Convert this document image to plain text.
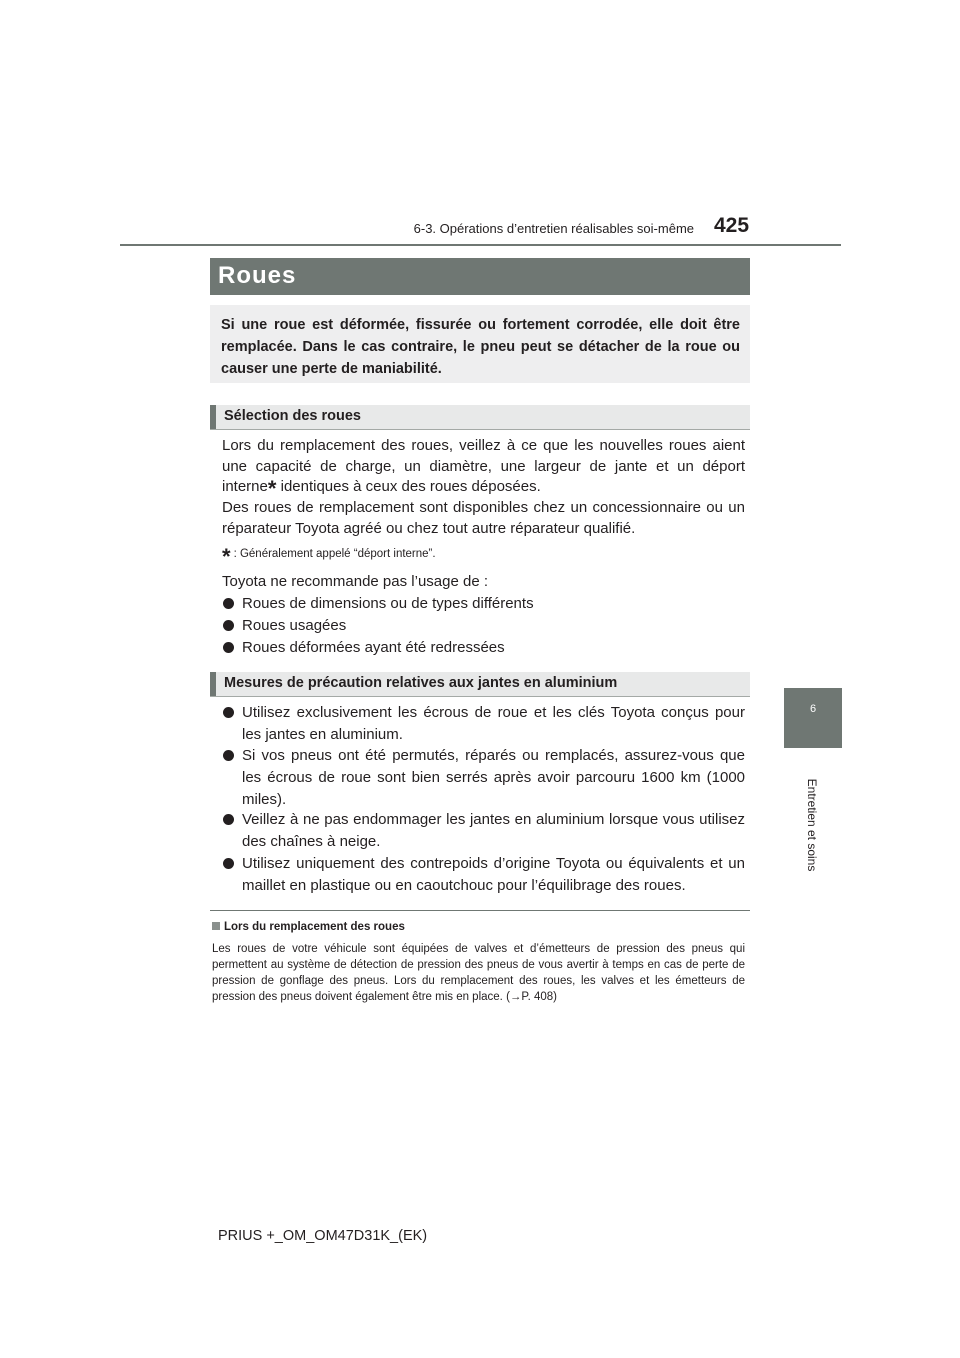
6-3. Opérations d’entretien réalisables soi-même 425
6
Entretien et soins
Roues

Si une roue est déformée, fissurée ou fortement corrodée, elle doit être remplacée. Dans le cas contraire, le pneu peut se détacher de la roue ou causer une perte de maniabilité.

Sélection des roues

Lors du remplacement des roues, veillez à ce que les nouvelles roues aient une capacité de charge, un diamètre, une largeur de jante et un déport interne* identiques à ceux des roues déposées.

Des roues de remplacement sont disponibles chez un concessionnaire ou un réparateur Toyota agréé ou chez tout autre réparateur qualifié.

* : Généralement appelé “déport interne”.

Toyota ne recommande pas l’usage de :

Roues de dimensions ou de types différents
Roues usagées
Roues déformées ayant été redressées
Mesures de précaution relatives aux jantes en aluminium
Utilisez exclusivement les écrous de roue et les clés Toyota conçus pour les jantes en aluminium.
Si vos pneus ont été permutés, réparés ou remplacés, assurez-vous que les écrous de roue sont bien serrés après avoir parcouru 1600 km (1000 miles).
Veillez à ne pas endommager les jantes en aluminium lorsque vous utilisez des chaînes à neige.
Utilisez uniquement des contrepoids d’origine Toyota ou équivalents et un maillet en plastique ou en caoutchouc pour l’équilibrage des roues.
Lors du remplacement des roues

Les roues de votre véhicule sont équipées de valves et d’émetteurs de pression des pneus qui permettent au système de détection de pression des pneus de vous avertir à temps en cas de perte de pression de gonflage des pneus. Lors du remplacement des roues, les valves et les émetteurs de pression des pneus doivent également être mis en place. (→P. 408)

PRIUS +_OM_OM47D31K_(EK)
